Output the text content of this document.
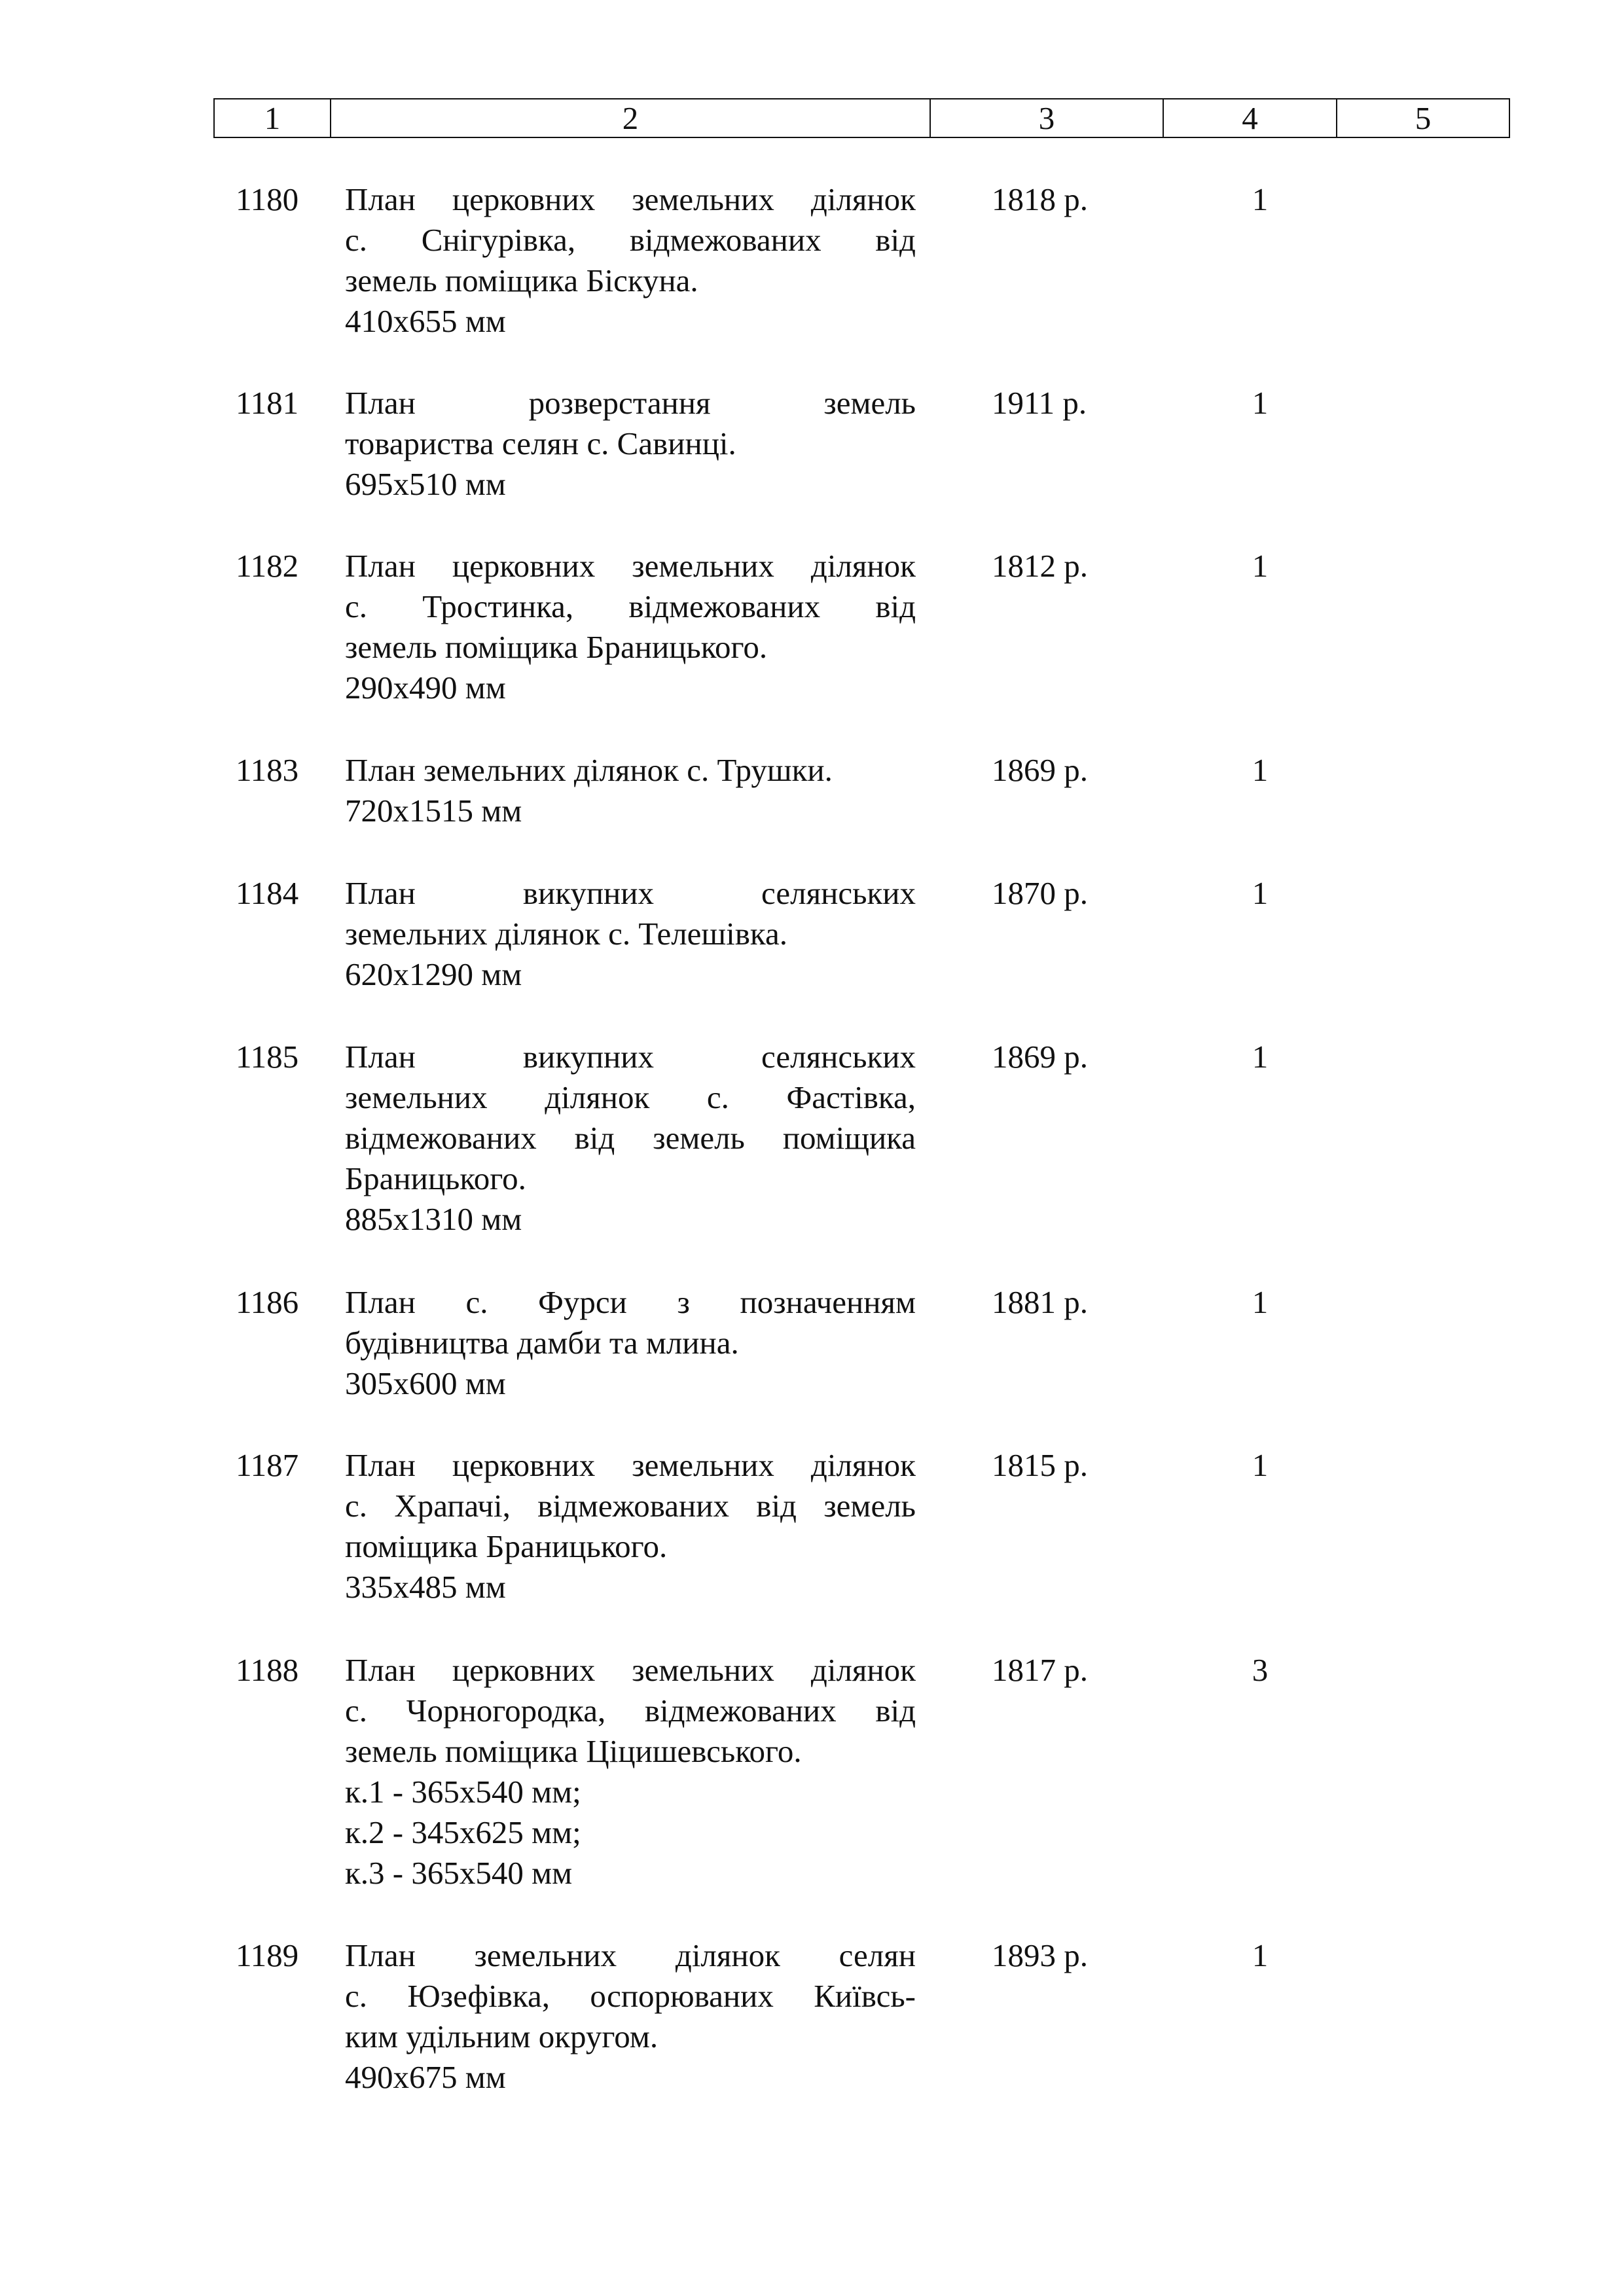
1	2	3	4	5
1180	План церковних земельних ділянок
с. Снігурівка, відмежованих від
земель поміщика Біскуна.
410х655 мм
1818 р.	1
1181	План розверстання земель
товариства селян с. Савинці.
695х510 мм
1911 р.	1
1182	План церковних земельних ділянок
с. Тростинка, відмежованих від
земель поміщика Браницького.
290х490 мм
1812 р.	1
1183	План земельних ділянок с. Трушки.
720х1515 мм
1869 р.	1
1184	План викупних селянських
земельних ділянок с. Телешівка.
620х1290 мм
1870 р.	1
1185	План викупних селянських
земельних ділянок с. Фастівка,
відмежованих від земель поміщика
Браницького.
885х1310 мм
1869 р.	1
1186	План с. Фурси з позначенням
будівництва дамби та млина.
305х600 мм
1881 р.	1
1187	План церковних земельних ділянок
с. Храпачі, відмежованих від земель
поміщика Браницького.
335х485 мм
1815 р.	1
1188	План церковних земельних ділянок
с. Чорногородка, відмежованих від
земель поміщика Ціцишевського.
к.1 - 365х540 мм;
к.2 - 345х625 мм;
к.3 - 365х540 мм
1817 р.	3
1189	План земельних ділянок селян
с. Юзефівка, оспорюваних Київсь-
ким удільним округом.
490х675 мм
1893 р.	1
